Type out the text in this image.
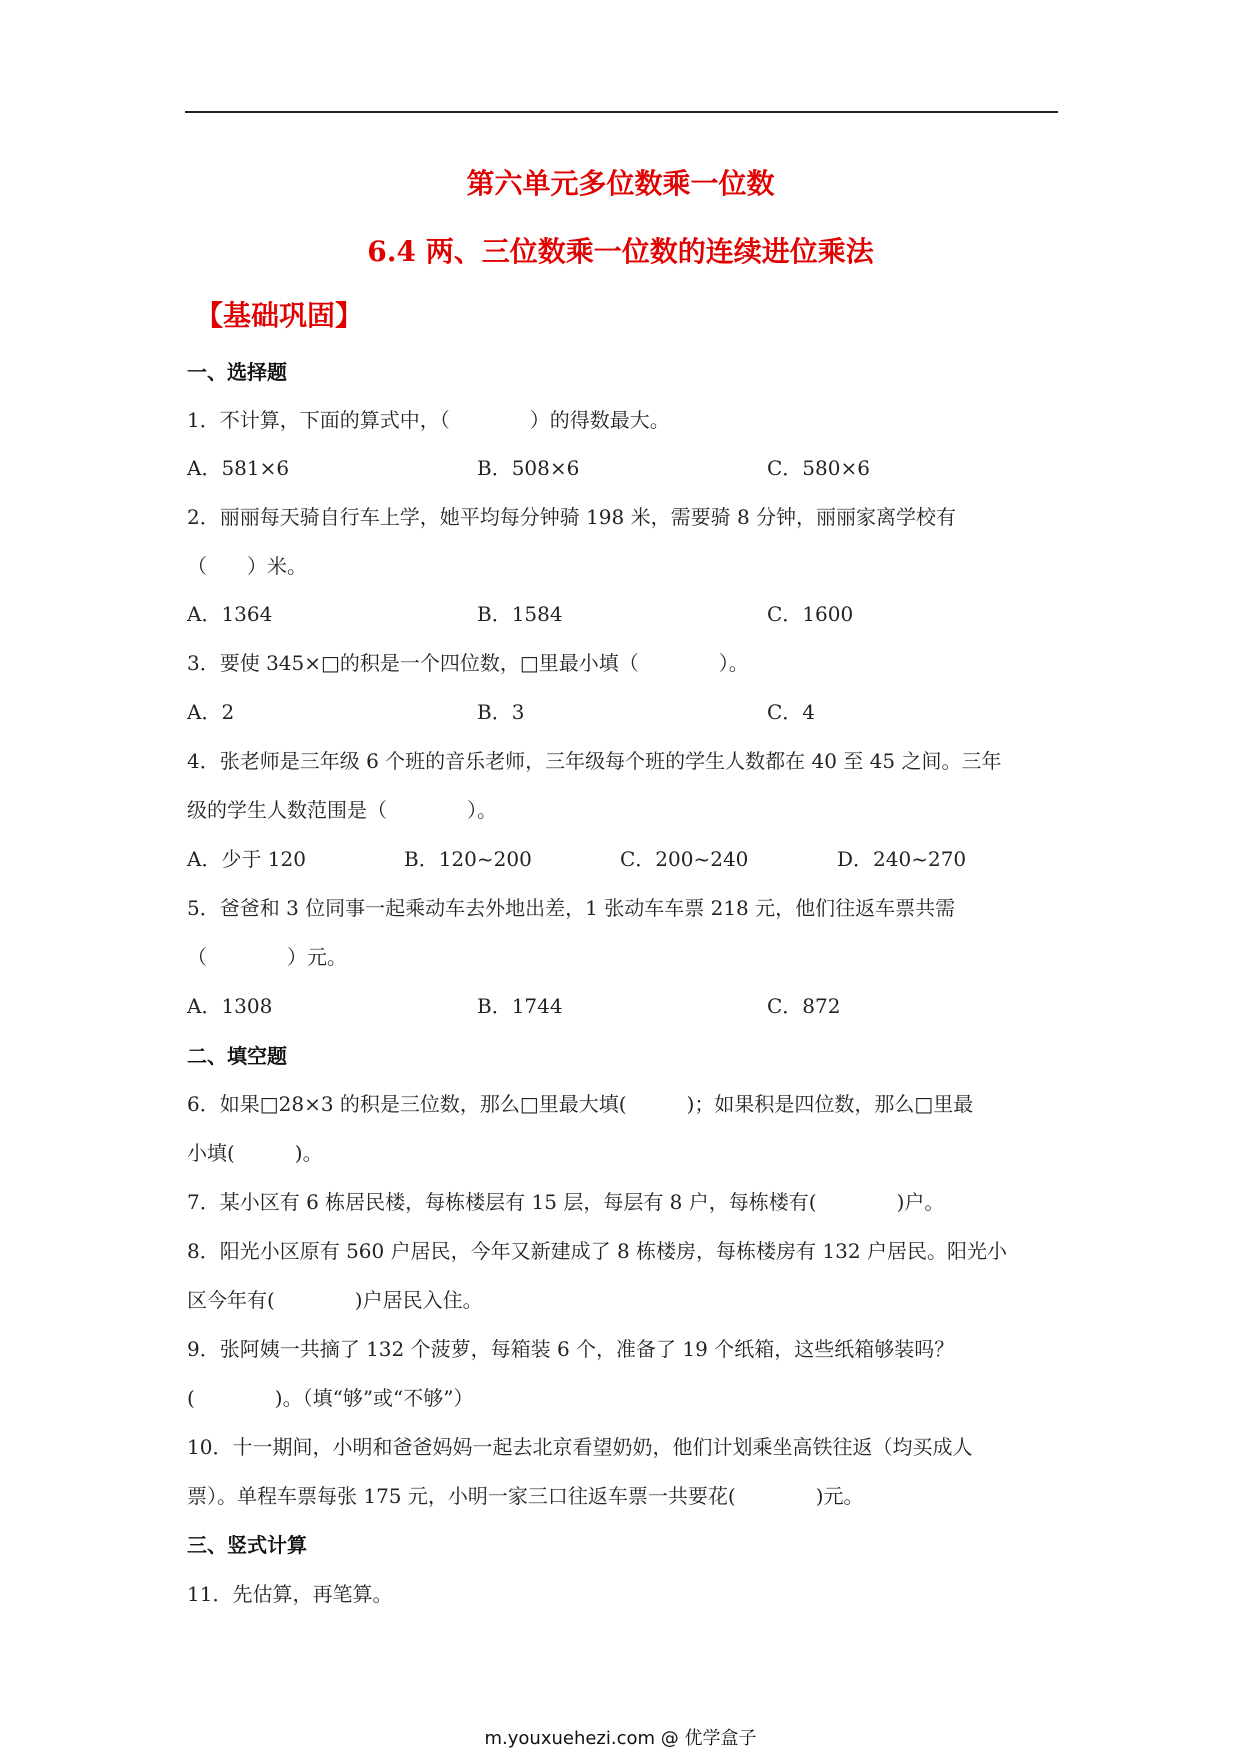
第六单元多位数乘一位数
6.4 两、三位数乘一位数的连续进位乘法
【基础巩固】
一、选择题
1．不计算，下面的算式中，（　　　　）的得数最大。
A．581×6	B．508×6	C．580×6
2．丽丽每天骑自行车上学，她平均每分钟骑 198 米，需要骑 8 分钟，丽丽家离学校有
（　　）米。
A．1364	B．1584	C．1600
3．要使 345×□的积是一个四位数，□里最小填（　　　　）。
A．2	B．3	C．4
4．张老师是三年级 6 个班的音乐老师，三年级每个班的学生人数都在 40 至 45 之间。三年
级的学生人数范围是（　　　　）。
A．少于 120	B．120~200	C．200~240	D．240~270
5．爸爸和 3 位同事一起乘动车去外地出差，1 张动车车票 218 元，他们往返车票共需
（　　　　）元。
A．1308	B．1744	C．872
二、填空题
6．如果□28×3 的积是三位数，那么□里最大填(　　　)；如果积是四位数，那么□里最
小填(　　　)。
7．某小区有 6 栋居民楼，每栋楼层有 15 层，每层有 8 户，每栋楼有(　　　　)户。
8．阳光小区原有 560 户居民，今年又新建成了 8 栋楼房，每栋楼房有 132 户居民。阳光小
区今年有(　　　　)户居民入住。
9．张阿姨一共摘了 132 个菠萝，每箱装 6 个，准备了 19 个纸箱，这些纸箱够装吗？
(　　　　)。（填“够”或“不够”）
10．十一期间，小明和爸爸妈妈一起去北京看望奶奶，他们计划乘坐高铁往返（均买成人
票）。单程车票每张 175 元，小明一家三口往返车票一共要花(　　　　)元。
三、竖式计算
11．先估算，再笔算。
m.youxuehezi.com @ 优学盒子
